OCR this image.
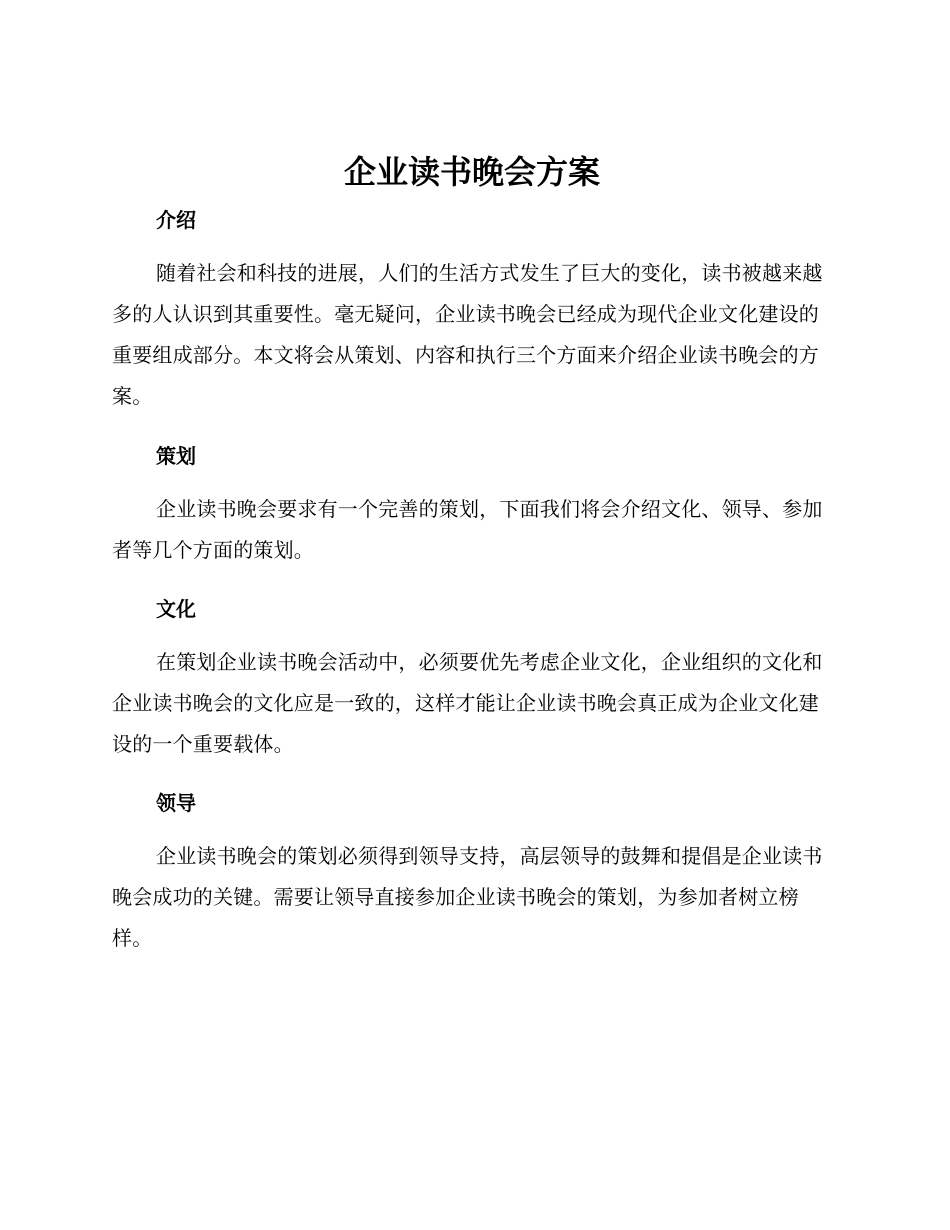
企业读书晚会方案
介绍

随着社会和科技的进展，人们的生活方式发生了巨大的变化，读书被越来越多的人认识到其重要性。毫无疑问，企业读书晚会已经成为现代企业文化建设的重要组成部分。本文将会从策划、内容和执行三个方面来介绍企业读书晚会的方案。

策划

企业读书晚会要求有一个完善的策划，下面我们将会介绍文化、领导、参加者等几个方面的策划。

文化

在策划企业读书晚会活动中，必须要优先考虑企业文化，企业组织的文化和企业读书晚会的文化应是一致的，这样才能让企业读书晚会真正成为企业文化建设的一个重要载体。

领导

企业读书晚会的策划必须得到领导支持，高层领导的鼓舞和提倡是企业读书晚会成功的关键。需要让领导直接参加企业读书晚会的策划，为参加者树立榜样。
